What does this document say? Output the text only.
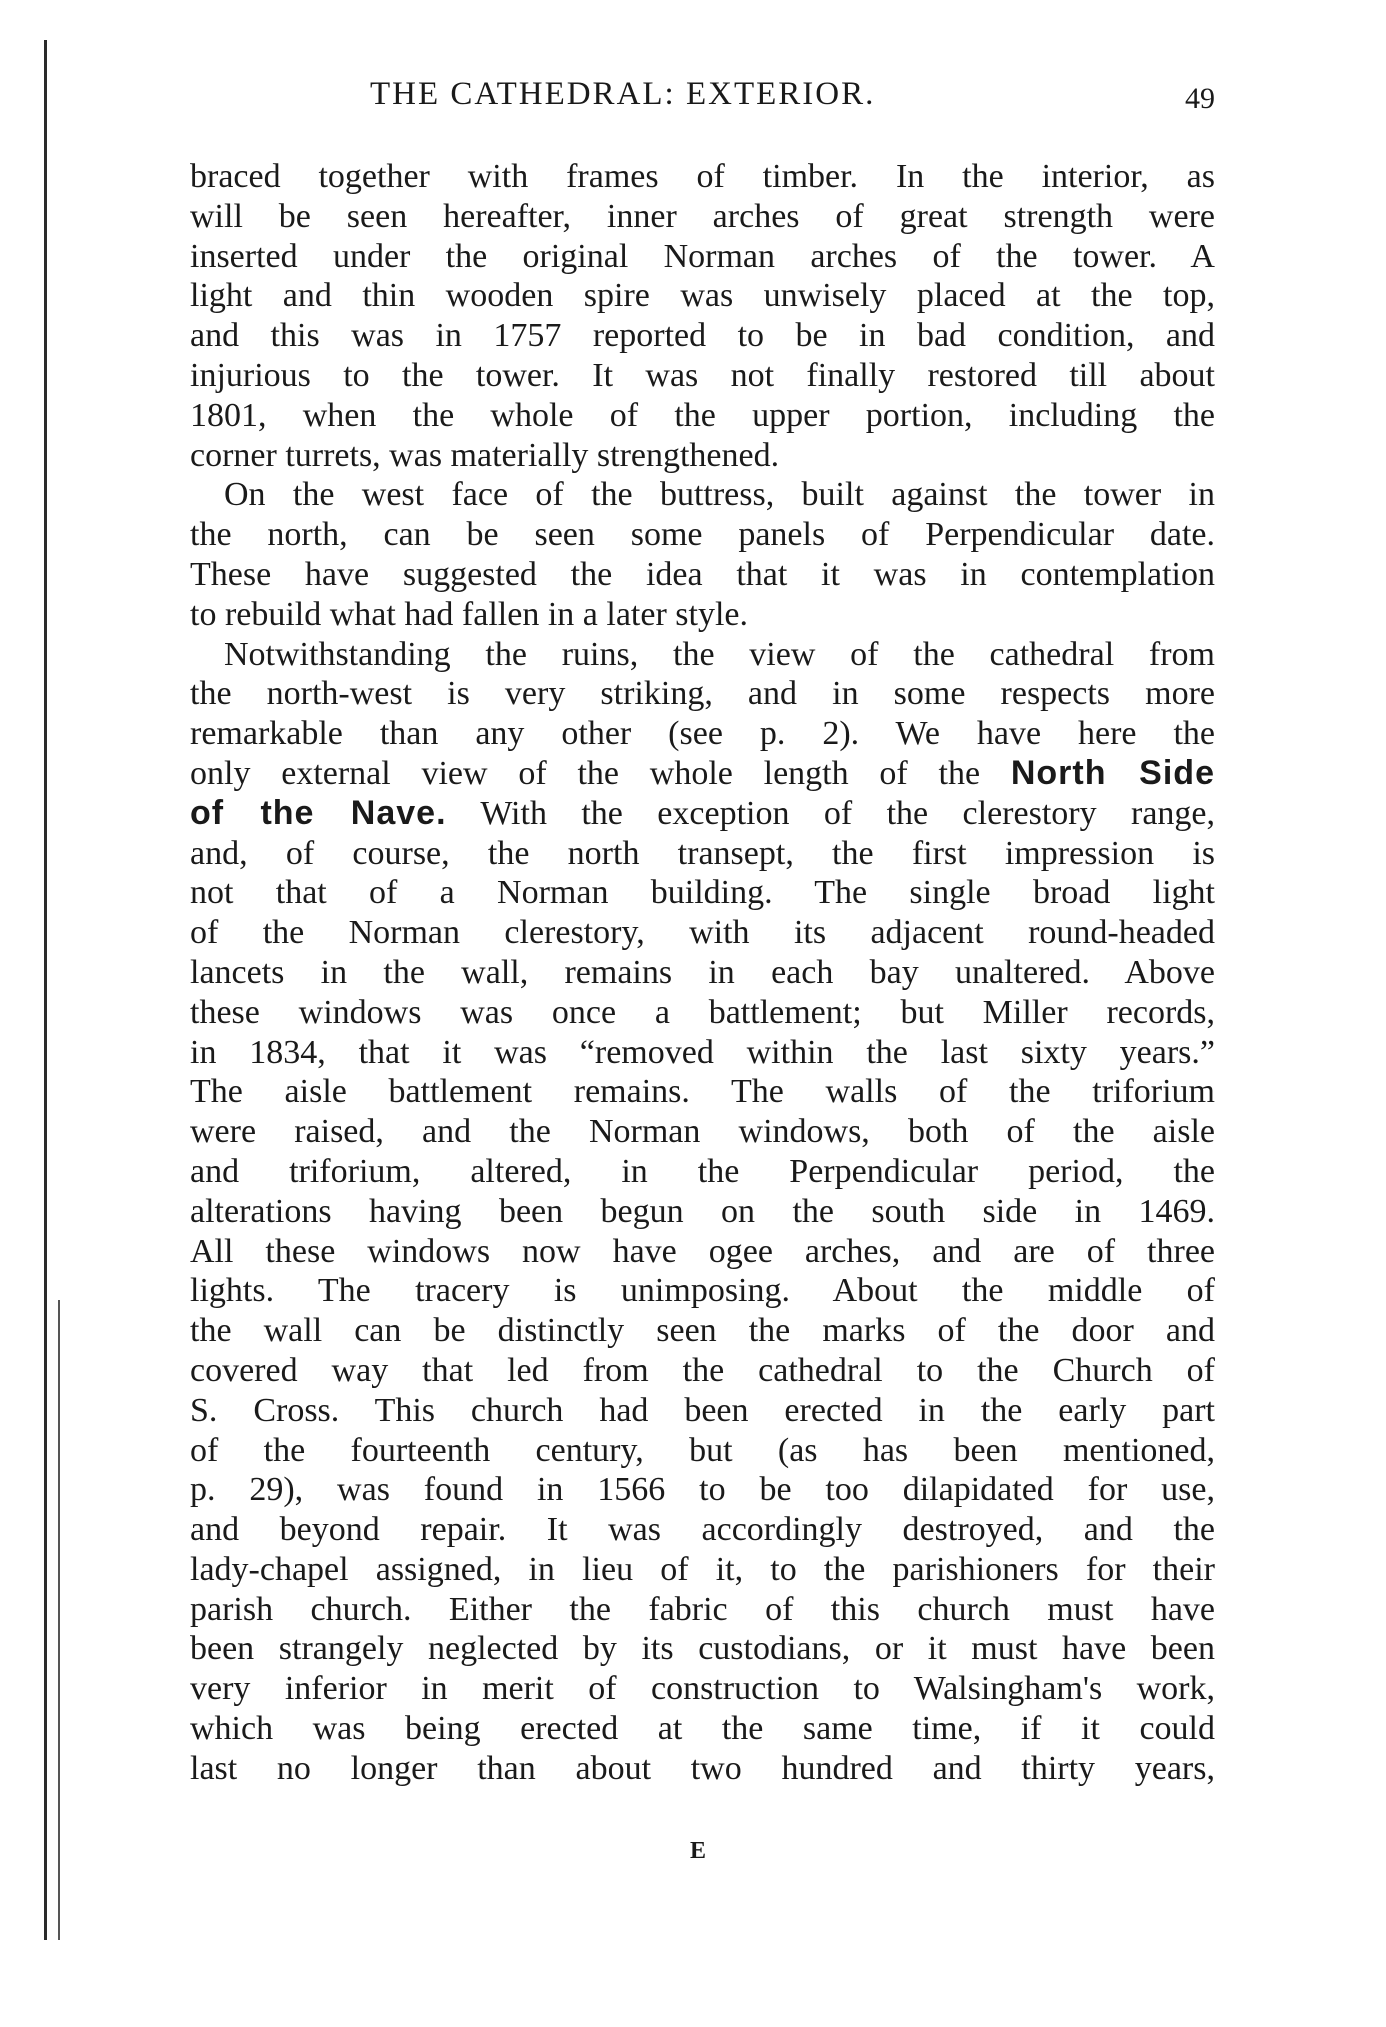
THE CATHEDRAL: EXTERIOR.	49
braced together with frames of timber. In the interior, as
will be seen hereafter, inner arches of great strength were
inserted under the original Norman arches of the tower. A
light and thin wooden spire was unwisely placed at the top,
and this was in 1757 reported to be in bad condition, and
injurious to the tower. It was not finally restored till about
1801, when the whole of the upper portion, including the
corner turrets, was materially strengthened.
On the west face of the buttress, built against the tower in
the north, can be seen some panels of Perpendicular date.
These have suggested the idea that it was in contemplation
to rebuild what had fallen in a later style.
Notwithstanding the ruins, the view of the cathedral from
the north-west is very striking, and in some respects more
remarkable than any other (see p. 2). We have here the
only external view of the whole length of the North Side
of the Nave. With the exception of the clerestory range,
and, of course, the north transept, the first impression is
not that of a Norman building. The single broad light
of the Norman clerestory, with its adjacent round-headed
lancets in the wall, remains in each bay unaltered. Above
these windows was once a battlement; but Miller records,
in 1834, that it was “removed within the last sixty years.”
The aisle battlement remains. The walls of the triforium
were raised, and the Norman windows, both of the aisle
and triforium, altered, in the Perpendicular period, the
alterations having been begun on the south side in 1469.
All these windows now have ogee arches, and are of three
lights. The tracery is unimposing. About the middle of
the wall can be distinctly seen the marks of the door and
covered way that led from the cathedral to the Church of
S. Cross. This church had been erected in the early part
of the fourteenth century, but (as has been mentioned,
p. 29), was found in 1566 to be too dilapidated for use,
and beyond repair. It was accordingly destroyed, and the
lady-chapel assigned, in lieu of it, to the parishioners for their
parish church. Either the fabric of this church must have
been strangely neglected by its custodians, or it must have been
very inferior in merit of construction to Walsingham's work,
which was being erected at the same time, if it could
last no longer than about two hundred and thirty years,
E
